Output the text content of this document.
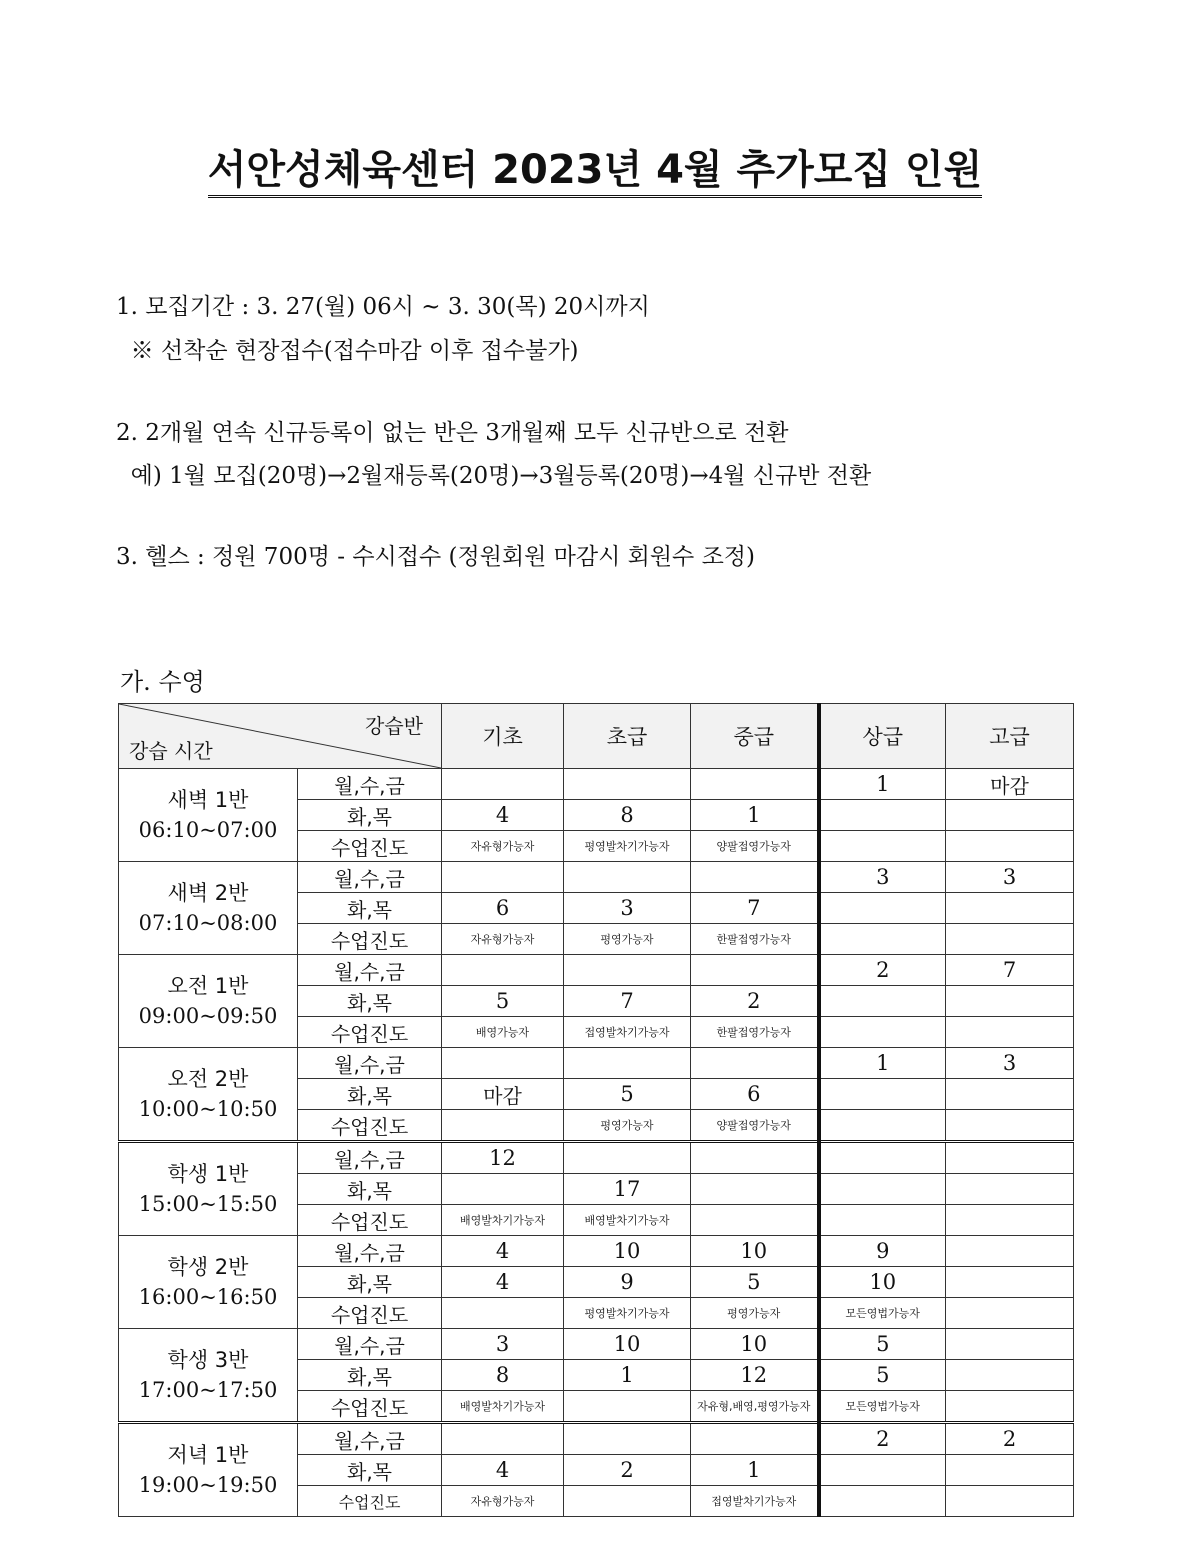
서안성체육센터 2023년 4월 추가모집 인원
1. 모집기간 : 3. 27(월) 06시 ~ 3. 30(목) 20시까지
※ 선착순 현장접수(접수마감 이후 접수불가)
2. 2개월 연속 신규등록이 없는 반은 3개월째 모두 신규반으로 전환
예) 1월 모집(20명)→2월재등록(20명)→3월등록(20명)→4월 신규반 전환
3. 헬스 : 정원 700명 - 수시접수 (정원회원 마감시 회원수 조정)
가. 수영
강습반
강습 시간		기초	초급	중급	상급	고급

새벽 1반
06:10~07:00	월,수,금				1	마감
	화,목	4	8	1		
	수업진도	자유형가능자	평영발차기가능자	양팔접영가능자		

새벽 2반
07:10~08:00	월,수,금				3	3
	화,목	6	3	7		
	수업진도	자유형가능자	평영가능자	한팔접영가능자		

오전 1반
09:00~09:50	월,수,금				2	7
	화,목	5	7	2		
	수업진도	배영가능자	접영발차기가능자	한팔접영가능자		

오전 2반
10:00~10:50	월,수,금				1	3
	화,목	마감	5	6		
	수업진도		평영가능자	양팔접영가능자		

학생 1반
15:00~15:50	월,수,금	12				
	화,목		17			
	수업진도	배영발차기가능자	배영발차기가능자			

학생 2반
16:00~16:50	월,수,금	4	10	10	9	
	화,목	4	9	5	10	
	수업진도		평영발차기가능자	평영가능자	모든영법가능자	

학생 3반
17:00~17:50	월,수,금	3	10	10	5	
	화,목	8	1	12	5	
	수업진도	배영발차기가능자		자유형,배영,평영가능자	모든영법가능자	

저녁 1반
19:00~19:50	월,수,금				2	2
	화,목	4	2	1		
	수업진도	자유형가능자		접영발차기가능자		
